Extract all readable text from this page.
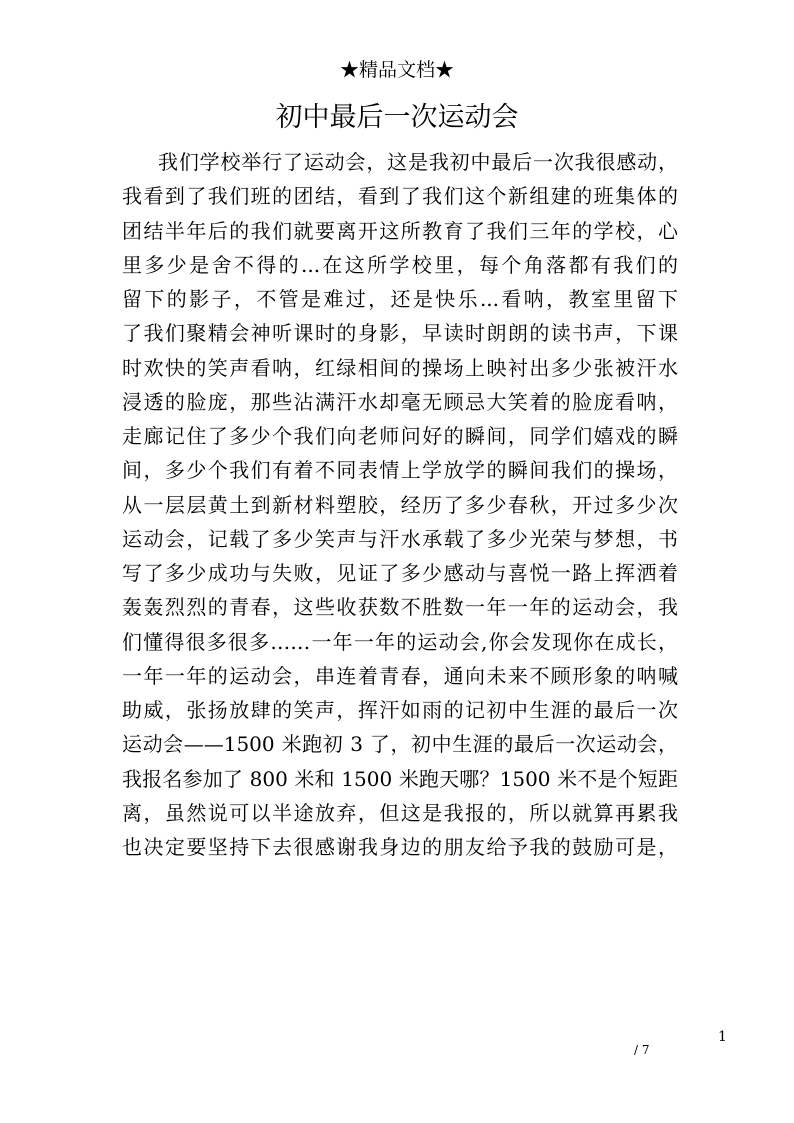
★精品文档★
初中最后一次运动会
我们学校举行了运动会，这是我初中最后一次我很感动，
我看到了我们班的团结，看到了我们这个新组建的班集体的
团结半年后的我们就要离开这所教育了我们三年的学校，心
里多少是舍不得的...在这所学校里，每个角落都有我们的
留下的影子，不管是难过，还是快乐...看呐，教室里留下
了我们聚精会神听课时的身影，早读时朗朗的读书声，下课
时欢快的笑声看呐，红绿相间的操场上映衬出多少张被汗水
浸透的脸庞，那些沾满汗水却毫无顾忌大笑着的脸庞看呐，
走廊记住了多少个我们向老师问好的瞬间，同学们嬉戏的瞬
间，多少个我们有着不同表情上学放学的瞬间我们的操场，
从一层层黄土到新材料塑胶，经历了多少春秋，开过多少次
运动会，记载了多少笑声与汗水承载了多少光荣与梦想，书
写了多少成功与失败，见证了多少感动与喜悦一路上挥洒着
轰轰烈烈的青春，这些收获数不胜数一年一年的运动会，我
们懂得很多很多……一年一年的运动会,你会发现你在成长，
一年一年的运动会，串连着青春，通向未来不顾形象的呐喊
助威，张扬放肆的笑声，挥汗如雨的记初中生涯的最后一次
运动会——1500 米跑初 3 了，初中生涯的最后一次运动会，
我报名参加了 800 米和 1500 米跑天哪？1500 米不是个短距
离，虽然说可以半途放弃，但这是我报的，所以就算再累我
也决定要坚持下去很感谢我身边的朋友给予我的鼓励可是，
1
/ 7
